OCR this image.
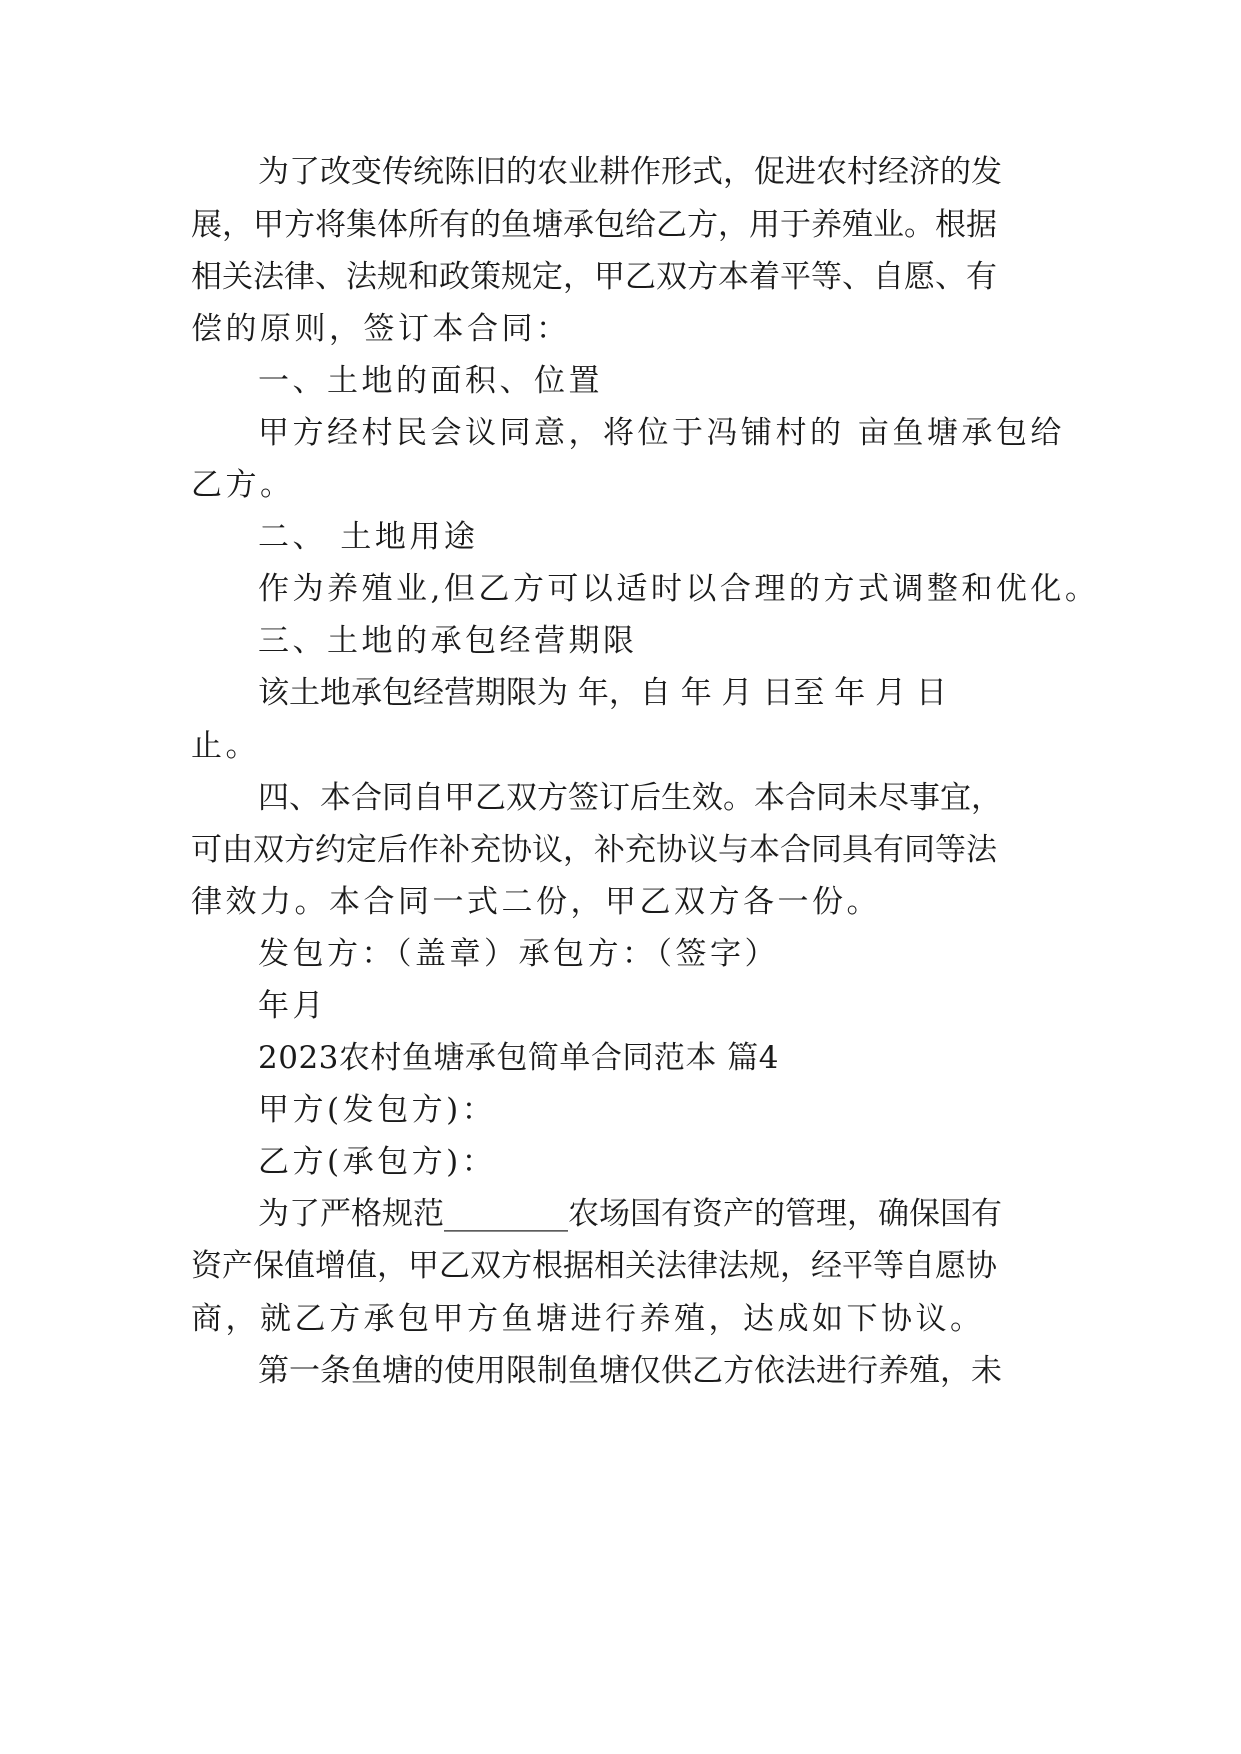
为了改变传统陈旧的农业耕作形式，促进农村经济的发

展，甲方将集体所有的鱼塘承包给乙方，用于养殖业。根据

相关法律、法规和政策规定，甲乙双方本着平等、自愿、有

偿的原则，签订本合同：

一、土地的面积、位置

甲方经村民会议同意，将位于冯铺村的 亩鱼塘承包给

乙方。

二、 土地用途

作为养殖业,但乙方可以适时以合理的方式调整和优化。

三、土地的承包经营期限

该土地承包经营期限为 年，自 年 月 日至 年 月 日

止。

四、本合同自甲乙双方签订后生效。本合同未尽事宜，

可由双方约定后作补充协议，补充协议与本合同具有同等法

律效力。本合同一式二份，甲乙双方各一份。

发包方：（盖章）承包方：（签字）

年月

2023农村鱼塘承包简单合同范本 篇4

甲方(发包方)：

乙方(承包方)：

为了严格规范________农场国有资产的管理，确保国有

资产保值增值，甲乙双方根据相关法律法规，经平等自愿协

商，就乙方承包甲方鱼塘进行养殖，达成如下协议。

第一条鱼塘的使用限制鱼塘仅供乙方依法进行养殖，未
